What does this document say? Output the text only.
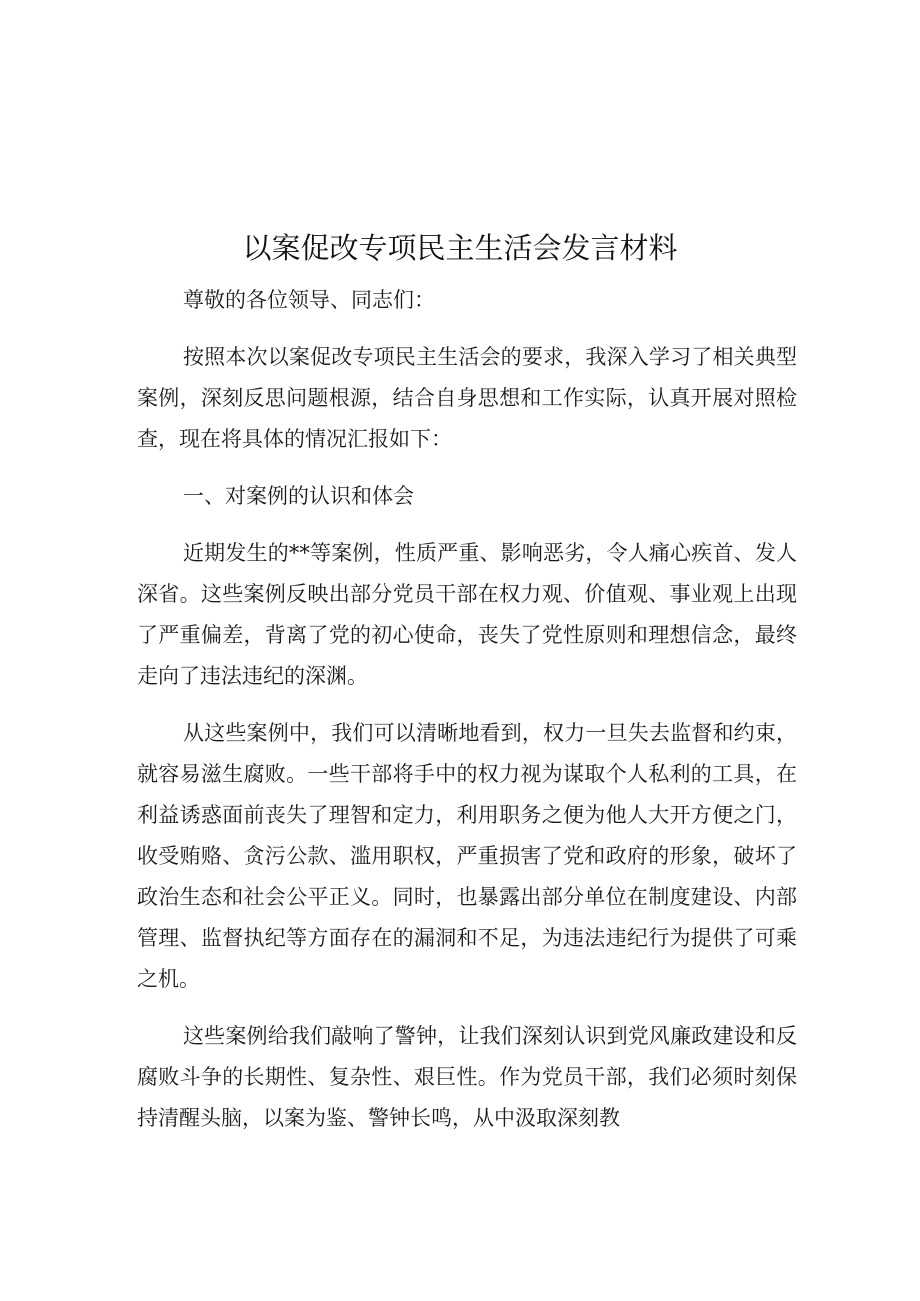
以案促改专项民主生活会发言材料

尊敬的各位领导、同志们：

按照本次以案促改专项民主生活会的要求，我深入学习了相关典型案例，深刻反思问题根源，结合自身思想和工作实际，认真开展对照检查，现在将具体的情况汇报如下：

一、对案例的认识和体会

近期发生的**等案例，性质严重、影响恶劣，令人痛心疾首、发人深省。这些案例反映出部分党员干部在权力观、价值观、事业观上出现了严重偏差，背离了党的初心使命，丧失了党性原则和理想信念，最终走向了违法违纪的深渊。

从这些案例中，我们可以清晰地看到，权力一旦失去监督和约束，就容易滋生腐败。一些干部将手中的权力视为谋取个人私利的工具，在利益诱惑面前丧失了理智和定力，利用职务之便为他人大开方便之门，收受贿赂、贪污公款、滥用职权，严重损害了党和政府的形象，破坏了政治生态和社会公平正义。同时，也暴露出部分单位在制度建设、内部管理、监督执纪等方面存在的漏洞和不足，为违法违纪行为提供了可乘之机。

这些案例给我们敲响了警钟，让我们深刻认识到党风廉政建设和反腐败斗争的长期性、复杂性、艰巨性。作为党员干部，我们必须时刻保持清醒头脑，以案为鉴、警钟长鸣，从中汲取深刻教
